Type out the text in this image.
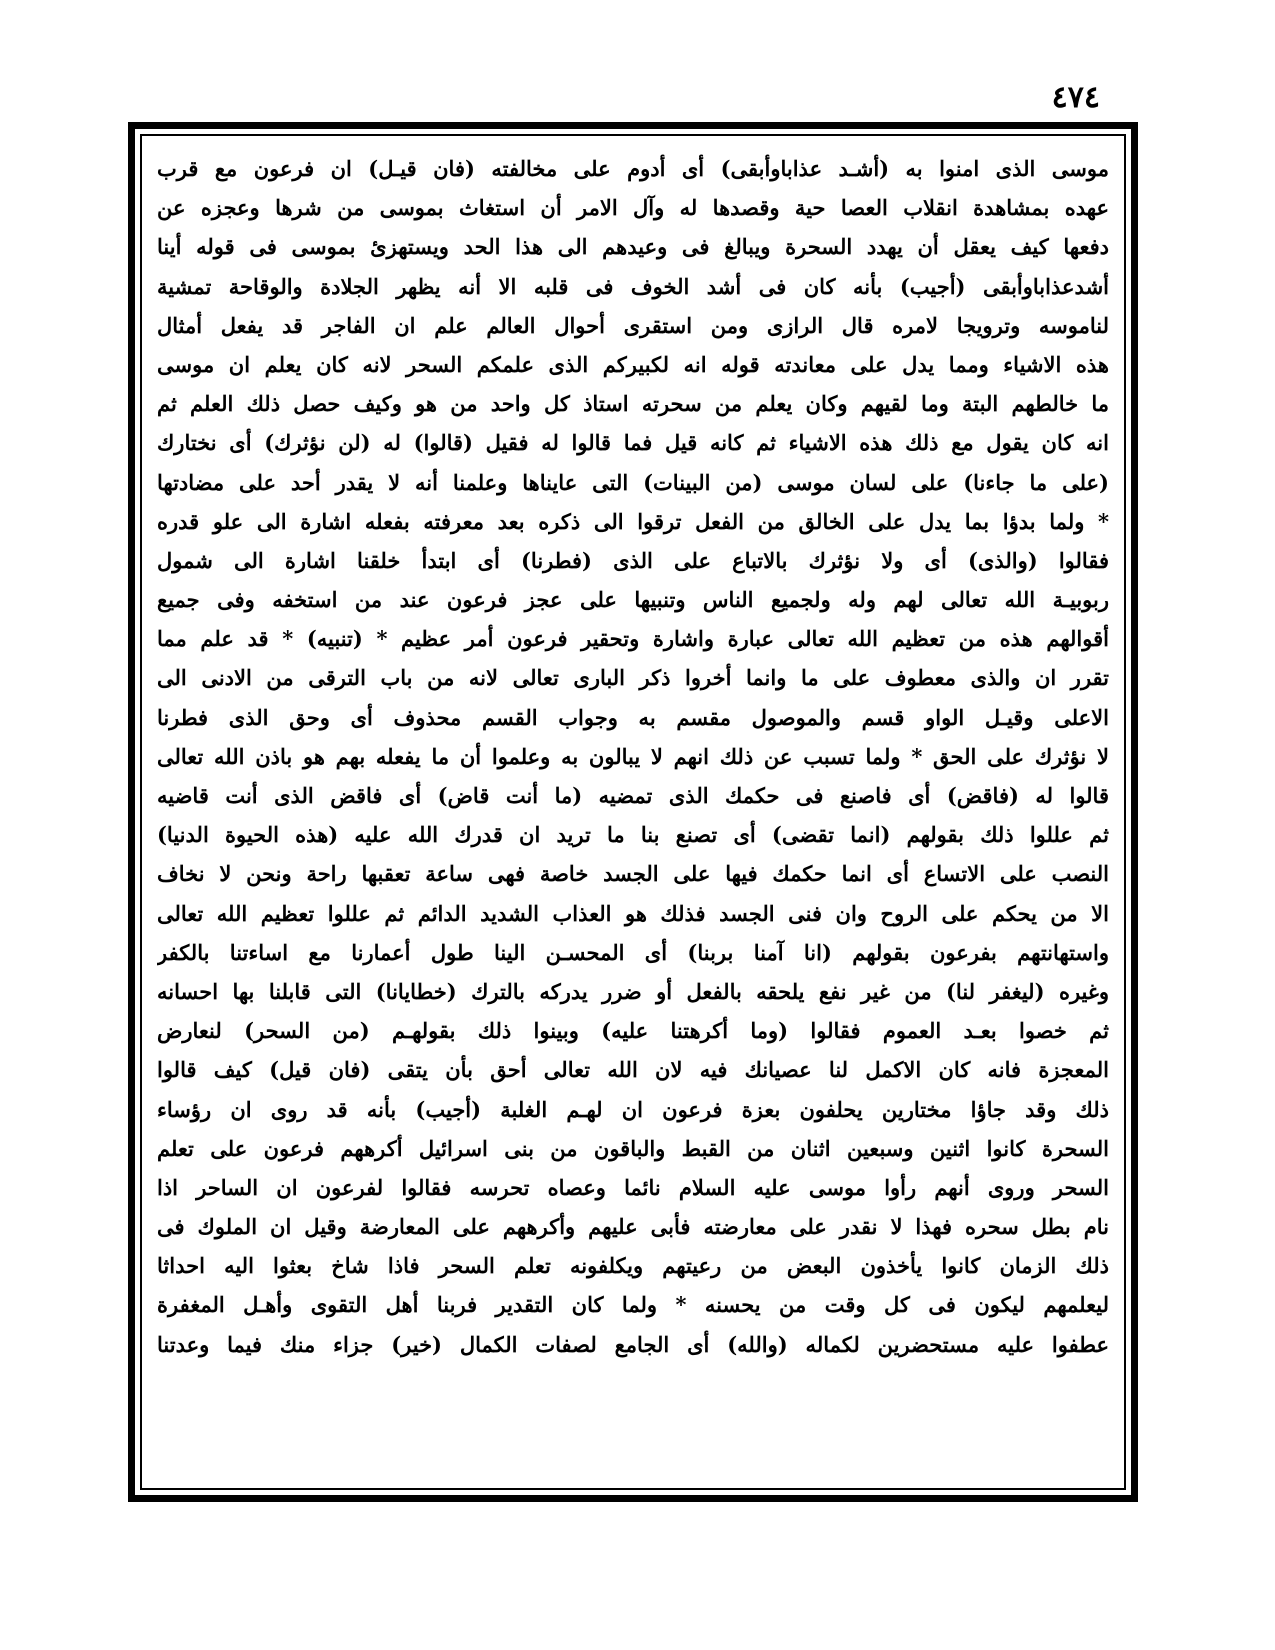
٤٧٤
موسى الذى امنوا به (أشـد عذاباوأبقى) أى أدوم على مخالفته (فان قيـل) ان فرعون مع قرب
عهده بمشاهدة انقلاب العصا حية وقصدها له وآل الامر أن استغاث بموسى من شرها وعجزه عن
دفعها كيف يعقل أن يهدد السحرة ويبالغ فى وعيدهم الى هذا الحد ويستهزئ بموسى فى قوله أينا
أشدعذاباوأبقى (أجيب) بأنه كان فى أشد الخوف فى قلبه الا أنه يظهر الجلادة والوقاحة تمشية
لناموسه وترويجا لامره قال الرازى ومن استقرى أحوال العالم علم ان الفاجر قد يفعل أمثال
هذه الاشياء ومما يدل على معاندته قوله انه لكبيركم الذى علمكم السحر لانه كان يعلم ان موسى
ما خالطهم البتة وما لقيهم وكان يعلم من سحرته استاذ كل واحد من هو وكيف حصل ذلك العلم ثم
انه كان يقول مع ذلك هذه الاشياء ثم كانه قيل فما قالوا له فقيل (قالوا) له (لن نؤثرك) أى نختارك
(على ما جاءنا) على لسان موسى (من البينات) التى عايناها وعلمنا أنه لا يقدر أحد على مضادتها
* ولما بدؤا بما يدل على الخالق من الفعل ترقوا الى ذكره بعد معرفته بفعله اشارة الى علو قدره
فقالوا (والذى) أى ولا نؤثرك بالاتباع على الذى (فطرنا) أى ابتدأ خلقنا اشارة الى شمول
ربوبيـة الله تعالى لهم وله ولجميع الناس وتنبيها على عجز فرعون عند من استخفه وفى جميع
أقوالهم هذه من تعظيم الله تعالى عبارة واشارة وتحقير فرعون أمر عظيم * (تنبيه) * قد علم مما
تقرر ان والذى معطوف على ما وانما أخروا ذكر البارى تعالى لانه من باب الترقى من الادنى الى
الاعلى وقيـل الواو قسم والموصول مقسم به وجواب القسم محذوف أى وحق الذى فطرنا
لا نؤثرك على الحق * ولما تسبب عن ذلك انهم لا يبالون به وعلموا أن ما يفعله بهم هو باذن الله تعالى
قالوا له (فاقض) أى فاصنع فى حكمك الذى تمضيه (ما أنت قاض) أى فاقض الذى أنت قاضيه
ثم عللوا ذلك بقولهم (انما تقضى) أى تصنع بنا ما تريد ان قدرك الله عليه (هذه الحيوة الدنيا)
النصب على الاتساع أى انما حكمك فيها على الجسد خاصة فهى ساعة تعقبها راحة ونحن لا نخاف
الا من يحكم على الروح وان فنى الجسد فذلك هو العذاب الشديد الدائم ثم عللوا تعظيم الله تعالى
واستهانتهم بفرعون بقولهم (انا آمنا بربنا) أى المحسـن الينا طول أعمارنا مع اساءتنا بالكفر
وغيره (ليغفر لنا) من غير نفع يلحقه بالفعل أو ضرر يدركه بالترك (خطايانا) التى قابلنا بها احسانه
ثم خصوا بعـد العموم فقالوا (وما أكرهتنا عليه) وبينوا ذلك بقولهـم (من السحر) لنعارض
المعجزة فانه كان الاكمل لنا عصيانك فيه لان الله تعالى أحق بأن يتقى (فان قيل) كيف قالوا
ذلك وقد جاؤا مختارين يحلفون بعزة فرعون ان لهـم الغلبة (أجيب) بأنه قد روى ان رؤساء
السحرة كانوا اثنين وسبعين اثنان من القبط والباقون من بنى اسرائيل أكرههم فرعون على تعلم
السحر وروى أنهم رأوا موسى عليه السلام نائما وعصاه تحرسه فقالوا لفرعون ان الساحر اذا
نام بطل سحره فهذا لا نقدر على معارضته فأبى عليهم وأكرههم على المعارضة وقيل ان الملوك فى
ذلك الزمان كانوا يأخذون البعض من رعيتهم ويكلفونه تعلم السحر فاذا شاخ بعثوا اليه احداثا
ليعلمهم ليكون فى كل وقت من يحسنه * ولما كان التقدير فربنا أهل التقوى وأهـل المغفرة
عطفوا عليه مستحضرين لكماله (والله) أى الجامع لصفات الكمال (خير) جزاء منك فيما وعدتنا
